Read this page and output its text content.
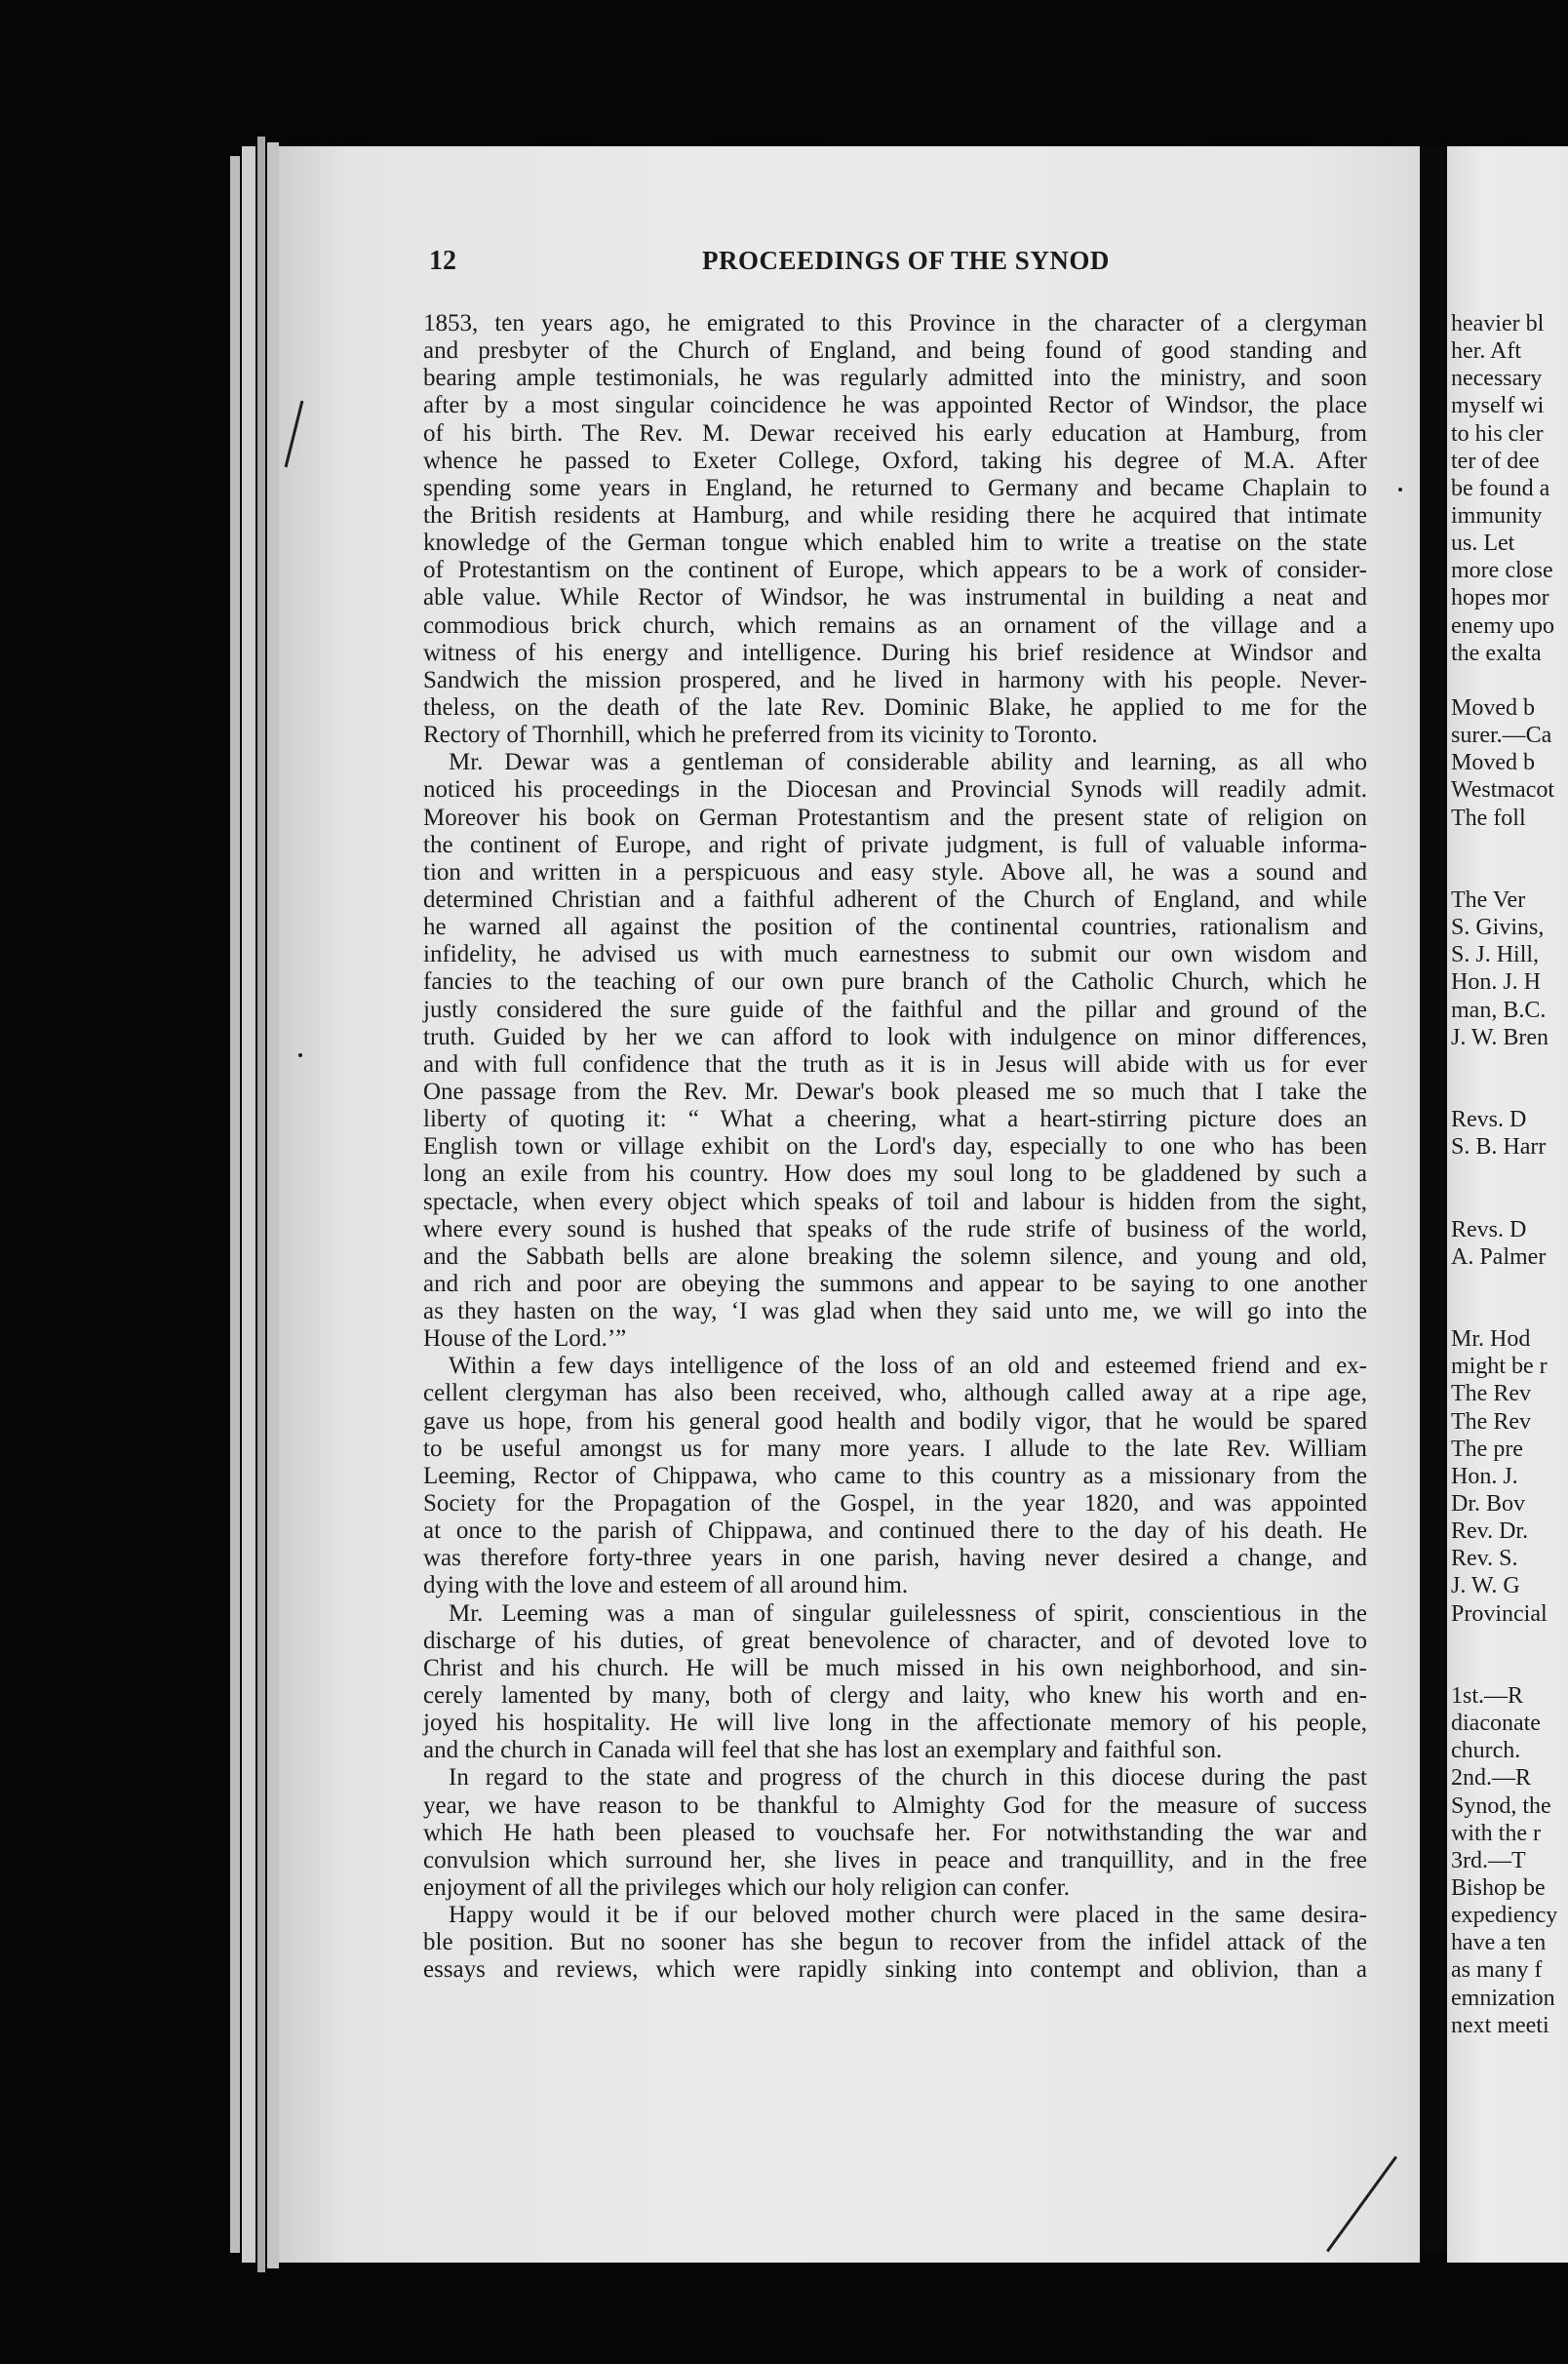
12	PROCEEDINGS OF THE SYNOD
1853, ten years ago, he emigrated to this Province in the character of a clergyman
and presbyter of the Church of England, and being found of good standing and
bearing ample testimonials, he was regularly admitted into the ministry, and soon
after by a most singular coincidence he was appointed Rector of Windsor, the place
of his birth. The Rev. M. Dewar received his early education at Hamburg, from
whence he passed to Exeter College, Oxford, taking his degree of M.A. After
spending some years in England, he returned to Germany and became Chaplain to
the British residents at Hamburg, and while residing there he acquired that intimate
knowledge of the German tongue which enabled him to write a treatise on the state
of Protestantism on the continent of Europe, which appears to be a work of consider-
able value. While Rector of Windsor, he was instrumental in building a neat and
commodious brick church, which remains as an ornament of the village and a
witness of his energy and intelligence. During his brief residence at Windsor and
Sandwich the mission prospered, and he lived in harmony with his people. Never-
theless, on the death of the late Rev. Dominic Blake, he applied to me for the
Rectory of Thornhill, which he preferred from its vicinity to Toronto.
Mr. Dewar was a gentleman of considerable ability and learning, as all who
noticed his proceedings in the Diocesan and Provincial Synods will readily admit.
Moreover his book on German Protestantism and the present state of religion on
the continent of Europe, and right of private judgment, is full of valuable informa-
tion and written in a perspicuous and easy style. Above all, he was a sound and
determined Christian and a faithful adherent of the Church of England, and while
he warned all against the position of the continental countries, rationalism and
infidelity, he advised us with much earnestness to submit our own wisdom and
fancies to the teaching of our own pure branch of the Catholic Church, which he
justly considered the sure guide of the faithful and the pillar and ground of the
truth. Guided by her we can afford to look with indulgence on minor differences,
and with full confidence that the truth as it is in Jesus will abide with us for ever
One passage from the Rev. Mr. Dewar's book pleased me so much that I take the
liberty of quoting it: “ What a cheering, what a heart-stirring picture does an
English town or village exhibit on the Lord's day, especially to one who has been
long an exile from his country. How does my soul long to be gladdened by such a
spectacle, when every object which speaks of toil and labour is hidden from the sight,
where every sound is hushed that speaks of the rude strife of business of the world,
and the Sabbath bells are alone breaking the solemn silence, and young and old,
and rich and poor are obeying the summons and appear to be saying to one another
as they hasten on the way, ‘I was glad when they said unto me, we will go into the
House of the Lord.’”
Within a few days intelligence of the loss of an old and esteemed friend and ex-
cellent clergyman has also been received, who, although called away at a ripe age,
gave us hope, from his general good health and bodily vigor, that he would be spared
to be useful amongst us for many more years. I allude to the late Rev. William
Leeming, Rector of Chippawa, who came to this country as a missionary from the
Society for the Propagation of the Gospel, in the year 1820, and was appointed
at once to the parish of Chippawa, and continued there to the day of his death. He
was therefore forty-three years in one parish, having never desired a change, and
dying with the love and esteem of all around him.
Mr. Leeming was a man of singular guilelessness of spirit, conscientious in the
discharge of his duties, of great benevolence of character, and of devoted love to
Christ and his church. He will be much missed in his own neighborhood, and sin-
cerely lamented by many, both of clergy and laity, who knew his worth and en-
joyed his hospitality. He will live long in the affectionate memory of his people,
and the church in Canada will feel that she has lost an exemplary and faithful son.
In regard to the state and progress of the church in this diocese during the past
year, we have reason to be thankful to Almighty God for the measure of success
which He hath been pleased to vouchsafe her. For notwithstanding the war and
convulsion which surround her, she lives in peace and tranquillity, and in the free
enjoyment of all the privileges which our holy religion can confer.
Happy would it be if our beloved mother church were placed in the same desira-
ble position. But no sooner has she begun to recover from the infidel attack of the
essays and reviews, which were rapidly sinking into contempt and oblivion, than a
heavier bl
her. Aft
necessary
myself wi
to his cler
ter of dee
be found a
immunity
us. Let
more close
hopes mor
enemy upo
the exalta
Moved b
surer.—Ca
Moved b
Westmacot
The foll
The Ver
S. Givins,
S. J. Hill,
Hon. J. H
man, B.C.
J. W. Bren
Revs. D
S. B. Harr
Revs. D
A. Palmer
Mr. Hod
might be r
The Rev
The Rev
The pre
Hon. J.
Dr. Bov
Rev. Dr.
Rev. S.
J. W. G
Provincial
1st.—R
diaconate
church.
2nd.—R
Synod, the
with the r
3rd.—T
Bishop be
expediency
have a ten
as many f
emnization
next meeti
